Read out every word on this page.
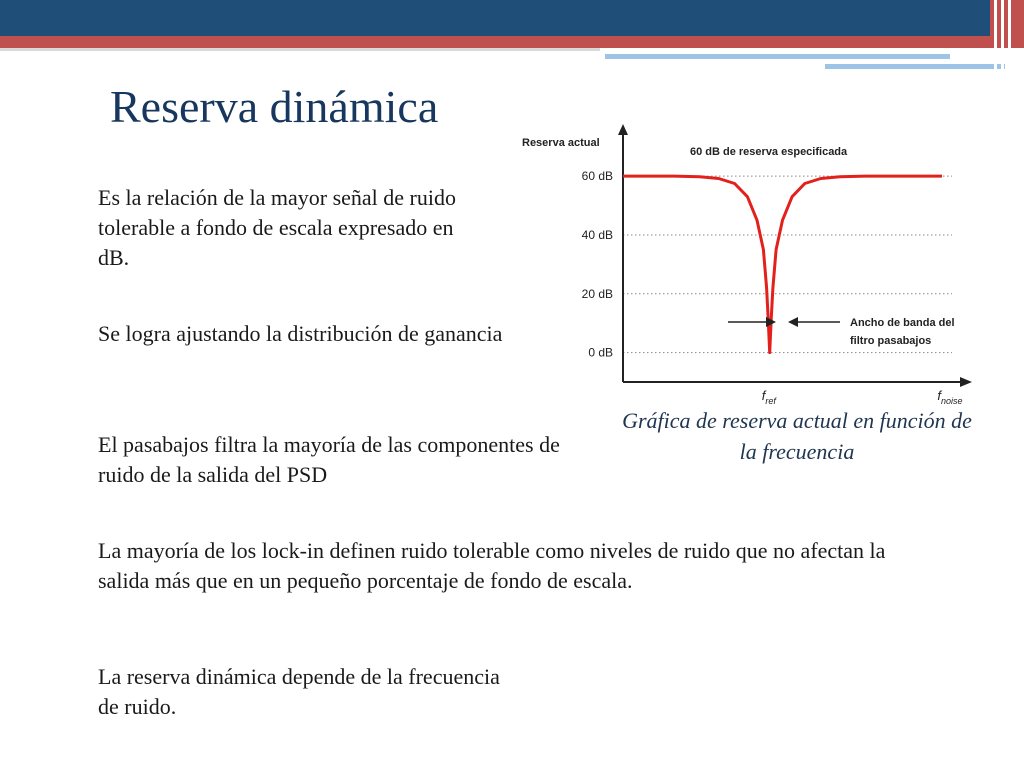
Reserva dinámica

Es la relación de la mayor señal de ruido tolerable a fondo de escala expresado en dB.

Se logra ajustando la distribución de ganancia

El pasabajos filtra la mayoría de las componentes de ruido de la salida del PSD

La mayoría de los lock-in definen ruido tolerable como niveles de ruido que no afectan la salida más que en un pequeño porcentaje de fondo de escala.

La reserva dinámica depende de la frecuencia de ruido.

Reserva actual
60 dB de reserva especificada
60 dB
40 dB
20 dB
0 dB
Ancho de banda del
filtro pasabajos
$f_{ref}$	$f_{noise}$
Gráfica de reserva actual en función de la frecuencia
